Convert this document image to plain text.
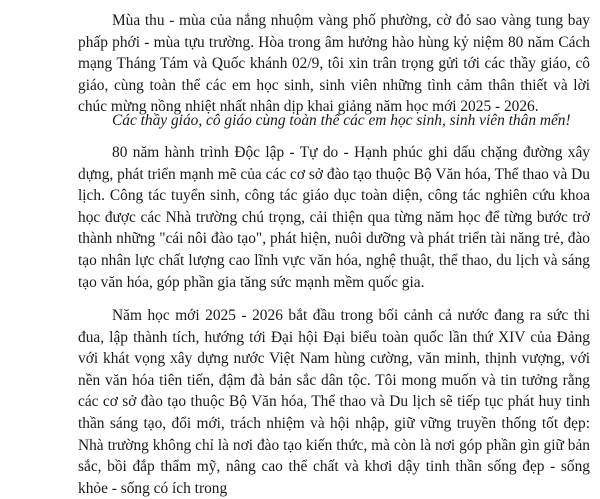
Mùa thu - mùa của nắng nhuộm vàng phố phường, cờ đỏ sao vàng tung bay phấp phới - mùa tựu trường. Hòa trong âm hưởng hào hùng kỷ niệm 80 năm Cách mạng Tháng Tám và Quốc khánh 02/9, tôi xin trân trọng gửi tới các thầy giáo, cô giáo, cùng toàn thể các em học sinh, sinh viên những tình cảm thân thiết và lời chúc mừng nồng nhiệt nhất nhân dịp khai giảng năm học mới 2025 - 2026.

Các thầy giáo, cô giáo cùng toàn thể các em học sinh, sinh viên thân mến!

80 năm hành trình Độc lập - Tự do - Hạnh phúc ghi dấu chặng đường xây dựng, phát triển mạnh mẽ của các cơ sở đào tạo thuộc Bộ Văn hóa, Thể thao và Du lịch. Công tác tuyển sinh, công tác giáo dục toàn diện, công tác nghiên cứu khoa học được các Nhà trường chú trọng, cải thiện qua từng năm học để từng bước trở thành những "cái nôi đào tạo", phát hiện, nuôi dưỡng và phát triển tài năng trẻ, đào tạo nhân lực chất lượng cao lĩnh vực văn hóa, nghệ thuật, thể thao, du lịch và sáng tạo văn hóa, góp phần gia tăng sức mạnh mềm quốc gia.

Năm học mới 2025 - 2026 bắt đầu trong bối cảnh cả nước đang ra sức thi đua, lập thành tích, hướng tới Đại hội Đại biểu toàn quốc lần thứ XIV của Đảng với khát vọng xây dựng nước Việt Nam hùng cường, văn minh, thịnh vượng, với nền văn hóa tiên tiến, đậm đà bản sắc dân tộc. Tôi mong muốn và tin tưởng rằng các cơ sở đào tạo thuộc Bộ Văn hóa, Thể thao và Du lịch sẽ tiếp tục phát huy tinh thần sáng tạo, đổi mới, trách nhiệm và hội nhập, giữ vững truyền thống tốt đẹp: Nhà trường không chỉ là nơi đào tạo kiến thức, mà còn là nơi góp phần gìn giữ bản sắc, bồi đắp thẩm mỹ, nâng cao thể chất và khơi dậy tinh thần sống đẹp - sống khỏe - sống có ích trong
